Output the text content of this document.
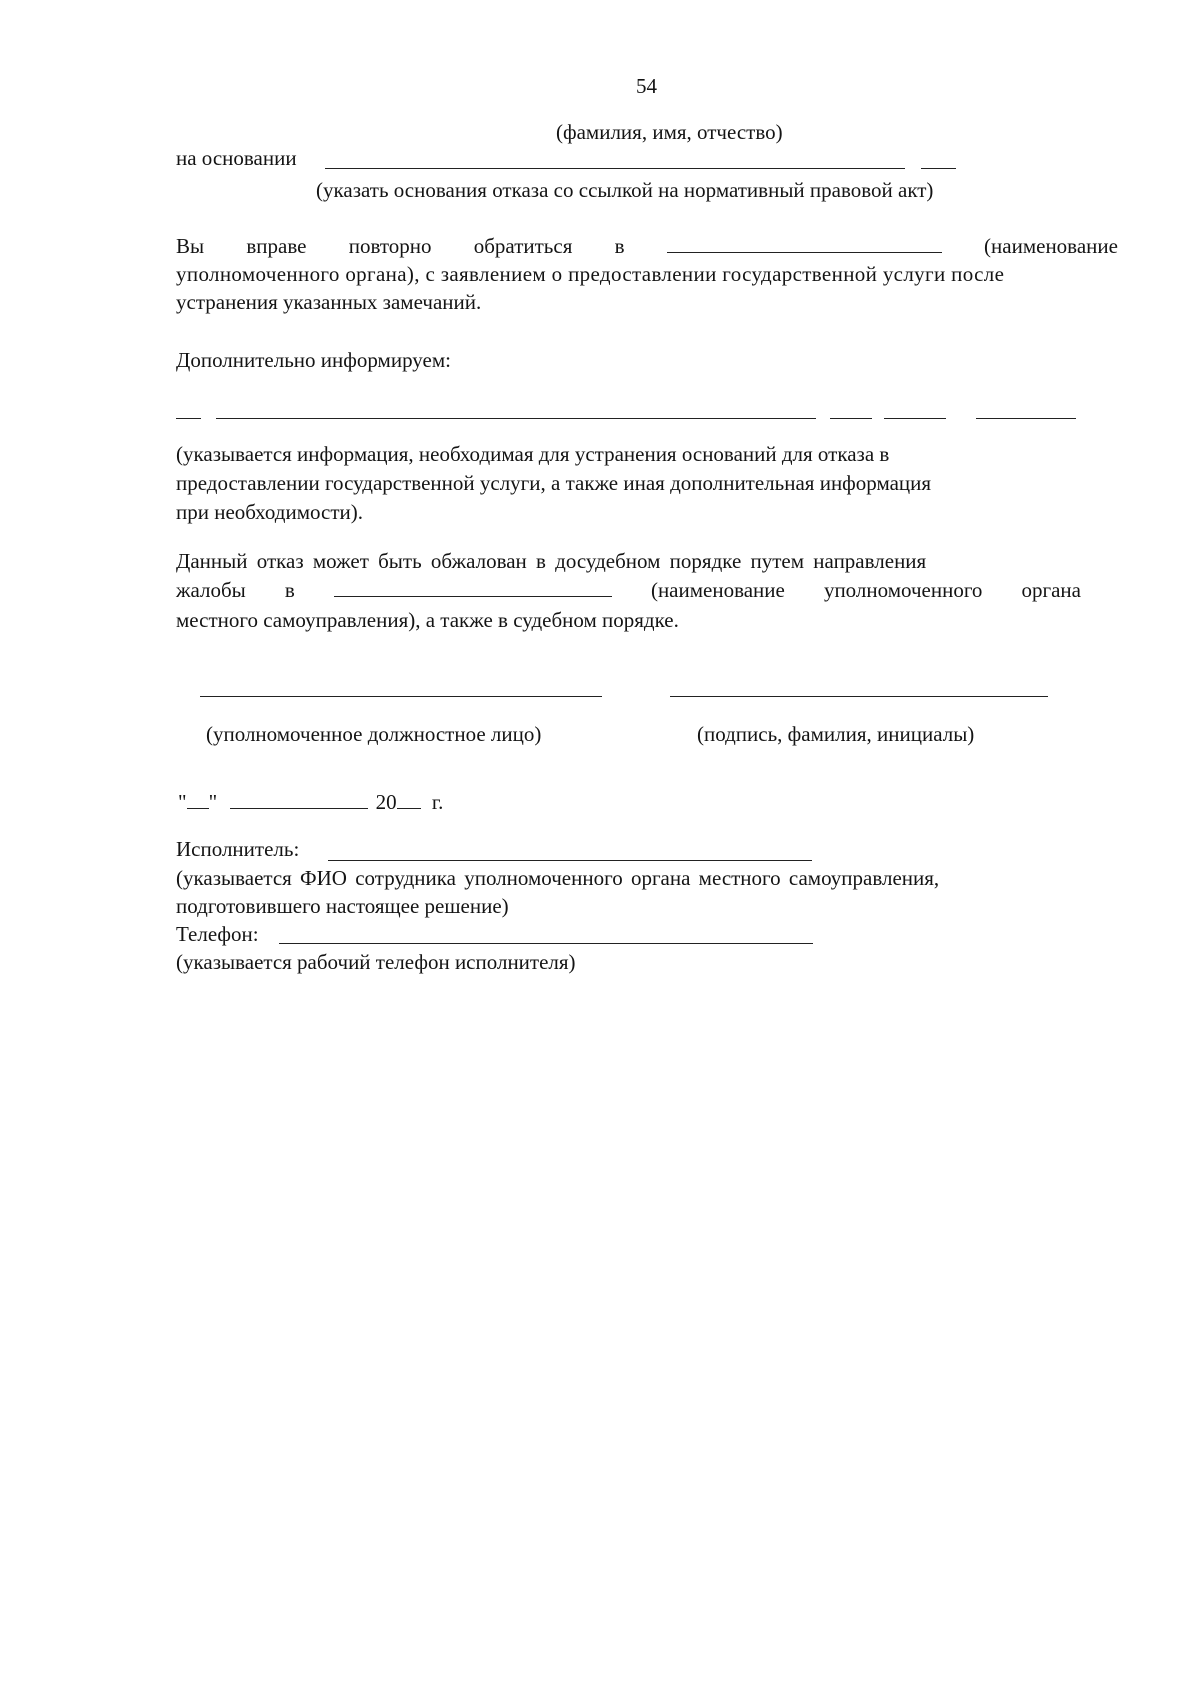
54
(фамилия, имя, отчество)
на основании
(указать основания отказа со ссылкой на нормативный правовой акт)
Вы вправе повторно обратиться в	(наименование
уполномоченного органа), с заявлением о предоставлении государственной услуги после
устранения указанных замечаний.
Дополнительно информируем:
(указывается информация, необходимая для устранения оснований для отказа в
предоставлении государственной услуги, а также иная дополнительная информация
при необходимости).
Данный отказ может быть обжалован в досудебном порядке путем направления
жалобы в	(наименование уполномоченного органа
местного самоуправления), а также в судебном порядке.
(уполномоченное должностное лицо)	(подпись, фамилия, инициалы)
" "	20 г.
Исполнитель:
(указывается ФИО сотрудника уполномоченного органа местного самоуправления,
подготовившего настоящее решение)
Телефон:
(указывается рабочий телефон исполнителя)
